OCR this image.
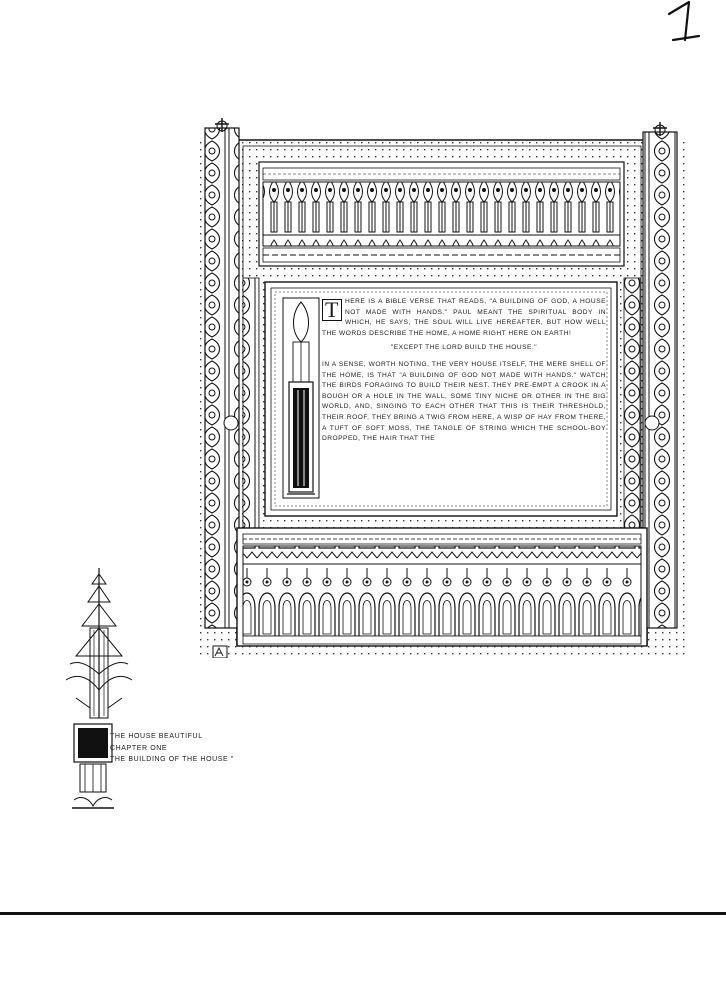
T HERE IS A BIBLE VERSE THAT READS, "A BUILDING OF GOD, A HOUSE NOT MADE WITH HANDS." PAUL MEANT THE SPIRITUAL BODY IN WHICH, HE SAYS, THE SOUL WILL LIVE HEREAFTER, BUT HOW WELL THE WORDS DESCRIBE THE HOME, A HOME RIGHT HERE ON EARTH!

"EXCEPT THE LORD BUILD THE HOUSE."

IN A SENSE, WORTH NOTING, THE VERY HOUSE ITSELF, THE MERE SHELL OF THE HOME, IS THAT "A BUILDING OF GOD NOT MADE WITH HANDS." WATCH THE BIRDS FORAGING TO BUILD THEIR NEST. THEY PRE-EMPT A CROOK IN A BOUGH OR A HOLE IN THE WALL, SOME TINY NICHE OR OTHER IN THE BIG WORLD, AND, SINGING TO EACH OTHER THAT THIS IS THEIR THRESHOLD, THEIR ROOF, THEY BRING A TWIG FROM HERE, A WISP OF HAY FROM THERE, A TUFT OF SOFT MOSS, THE TANGLE OF STRING WHICH THE SCHOOL-BOY DROPPED, THE HAIR THAT THE

THE HOUSE BEAUTIFUL
CHAPTER ONE
THE BUILDING OF THE HOUSE "
